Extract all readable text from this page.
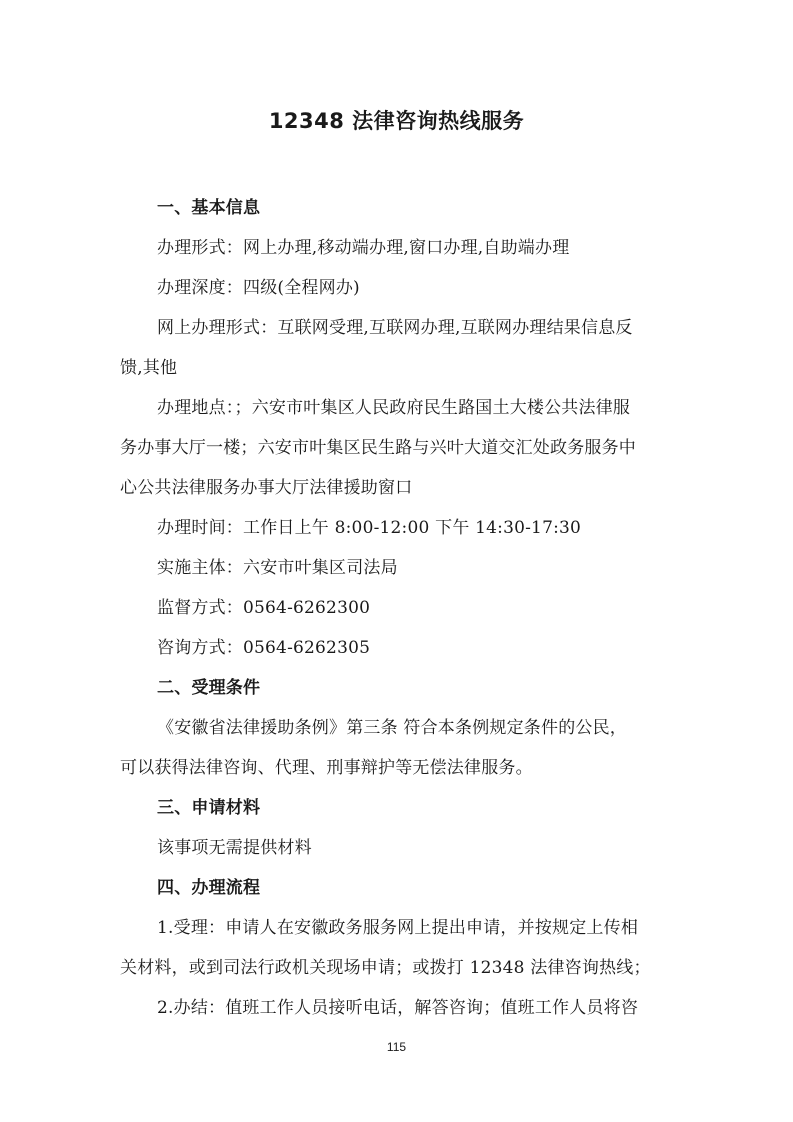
12348 法律咨询热线服务
一、基本信息
办理形式：网上办理,移动端办理,窗口办理,自助端办理
办理深度：四级(全程网办)
网上办理形式：互联网受理,互联网办理,互联网办理结果信息反
馈,其他
办理地点：；六安市叶集区人民政府民生路国土大楼公共法律服
务办事大厅一楼；六安市叶集区民生路与兴叶大道交汇处政务服务中
心公共法律服务办事大厅法律援助窗口
办理时间：工作日上午 8:00-12:00 下午 14:30-17:30
实施主体：六安市叶集区司法局
监督方式：0564-6262300
咨询方式：0564-6262305
二、受理条件
《安徽省法律援助条例》第三条 符合本条例规定条件的公民，
可以获得法律咨询、代理、刑事辩护等无偿法律服务。
三、申请材料
该事项无需提供材料
四、办理流程
1.受理：申请人在安徽政务服务网上提出申请，并按规定上传相
关材料，或到司法行政机关现场申请；或拨打 12348 法律咨询热线；
2.办结：值班工作人员接听电话，解答咨询；值班工作人员将咨
115
